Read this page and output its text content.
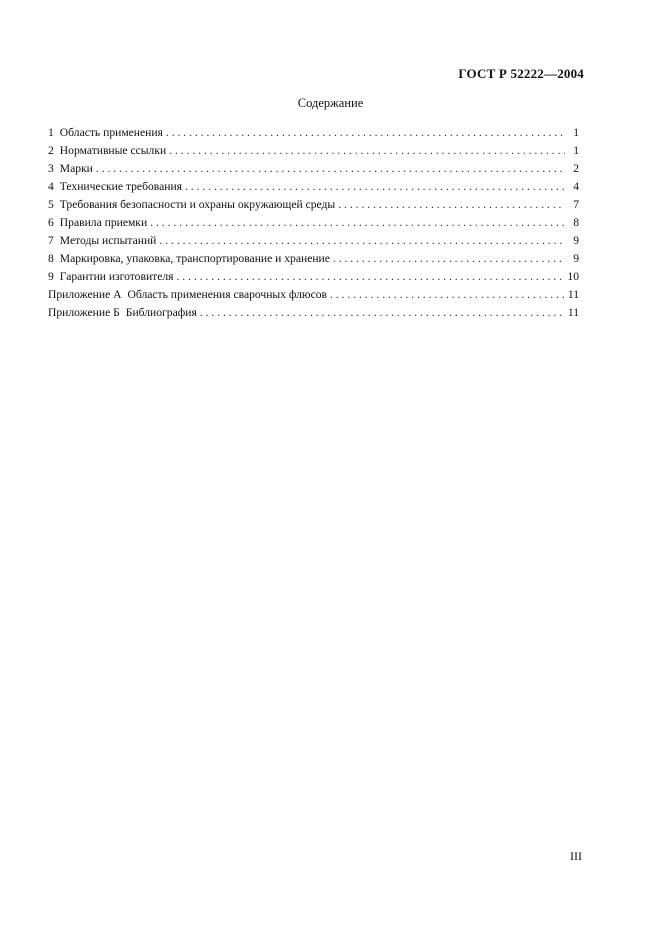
ГОСТ Р 52222—2004
Содержание
1 Область применения . . .	1
2 Нормативные ссылки . . .	1
3 Марки . . .	2
4 Технические требования . . .	4
5 Требования безопасности и охраны окружающей среды . . .	7
6 Правила приемки . . .	8
7 Методы испытаний . . .	9
8 Маркировка, упаковка, транспортирование и хранение . . .	9
9 Гарантии изготовителя . . .	10
Приложение А Область применения сварочных флюсов . . .	11
Приложение Б Библиография . . .	11
III
